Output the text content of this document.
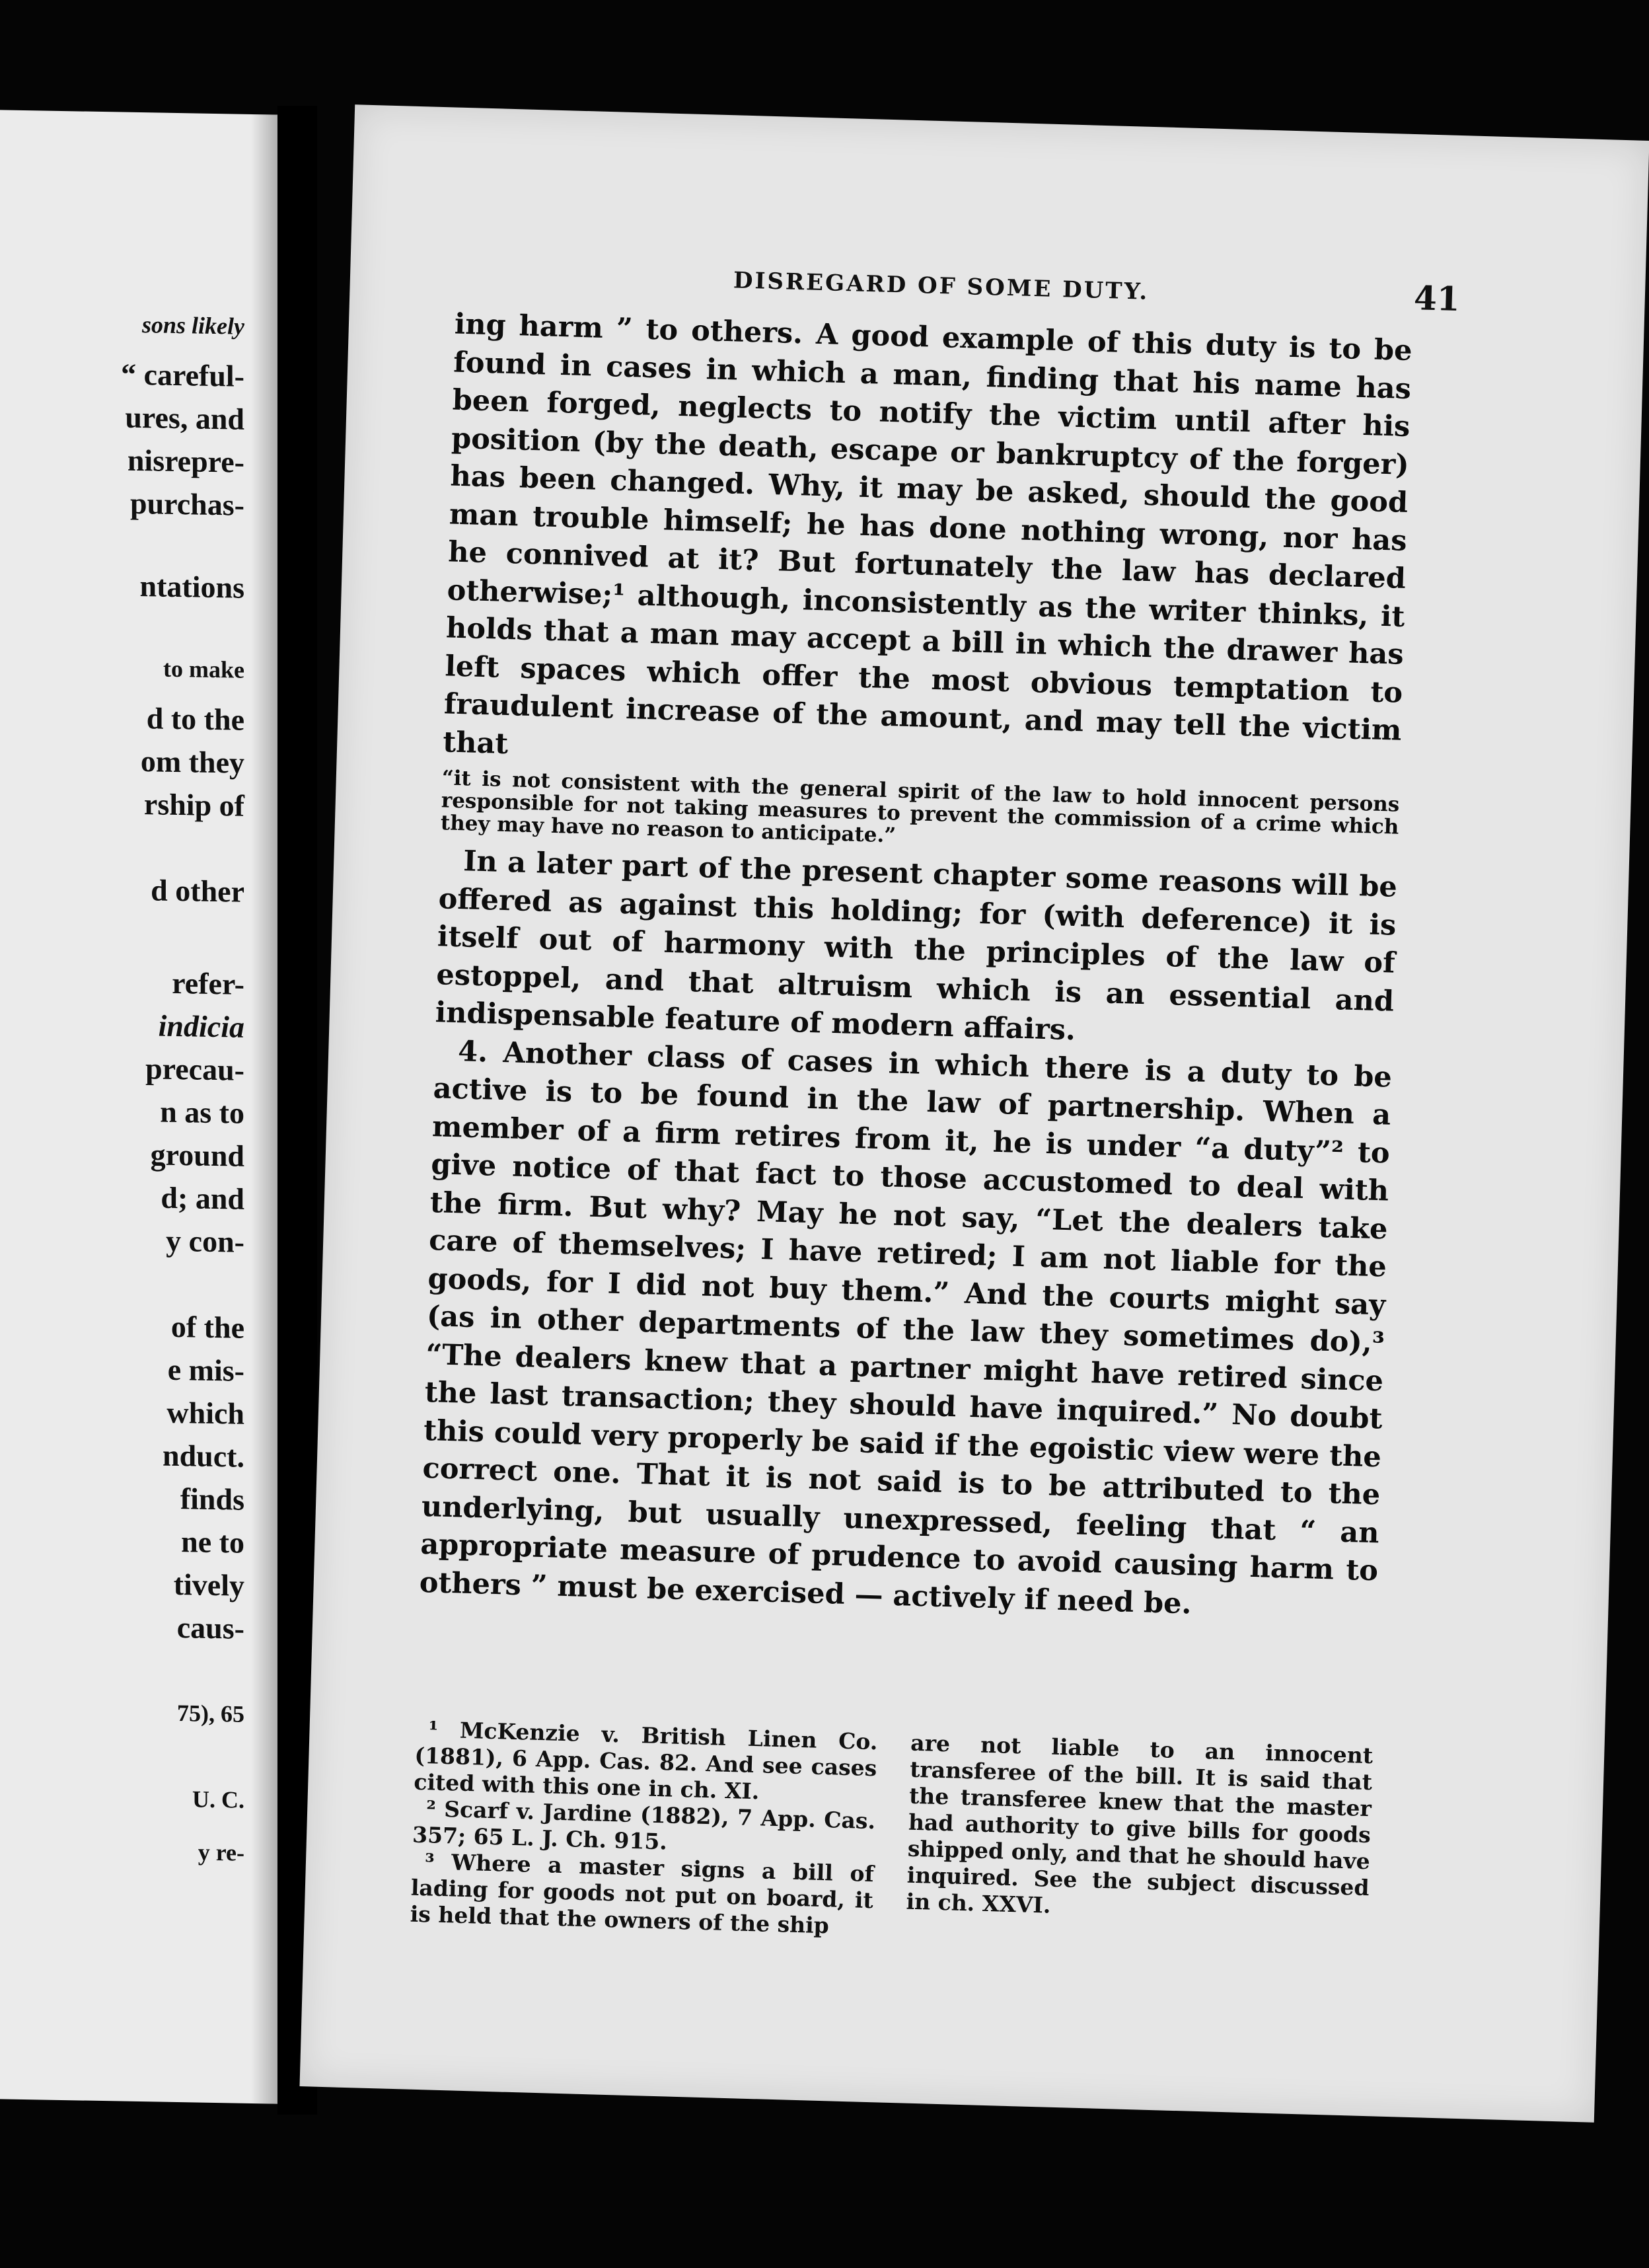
sons likely
“ careful-
ures, and
nisrepre-
purchas-
ntations
to make
d to the
om they
rship of
d other
refer-
indicia
precau-
n as to
ground
d; and
y con-
of the
e mis-
which
nduct.
finds
ne to
tively
caus-
75), 65
U. C.
y re-
DISREGARD OF SOME DUTY.	41

ing harm ” to others. A good example of this duty is to be found in cases in which a man, finding that his name has been forged, neglects to notify the victim until after his position (by the death, escape or bankruptcy of the forger) has been changed. Why, it may be asked, should the good man trouble himself; he has done nothing wrong, nor has he connived at it? But fortunately the law has declared otherwise;¹ although, inconsistently as the writer thinks, it holds that a man may accept a bill in which the drawer has left spaces which offer the most obvious temptation to fraudulent increase of the amount, and may tell the victim that

“it is not consistent with the general spirit of the law to hold innocent persons responsible for not taking measures to prevent the commission of a crime which they may have no reason to anticipate.”

In a later part of the present chapter some reasons will be offered as against this holding; for (with deference) it is itself out of harmony with the principles of the law of estoppel, and that altruism which is an essential and indispensable feature of modern affairs.

4. Another class of cases in which there is a duty to be active is to be found in the law of partnership. When a member of a firm retires from it, he is under “a duty”² to give notice of that fact to those accustomed to deal with the firm. But why? May he not say, “Let the dealers take care of themselves; I have retired; I am not liable for the goods, for I did not buy them.” And the courts might say (as in other departments of the law they sometimes do),³ “The dealers knew that a partner might have retired since the last transaction; they should have inquired.” No doubt this could very properly be said if the egoistic view were the correct one. That it is not said is to be attributed to the underlying, but usually unexpressed, feeling that “ an appropriate measure of prudence to avoid causing harm to others ” must be exercised — actively if need be.

¹ McKenzie v. British Linen Co. (1881), 6 App. Cas. 82. And see cases cited with this one in ch. XI.

² Scarf v. Jardine (1882), 7 App. Cas. 357; 65 L. J. Ch. 915.

³ Where a master signs a bill of lading for goods not put on board, it is held that the owners of the ship

are not liable to an innocent transferee of the bill. It is said that the transferee knew that the master had authority to give bills for goods shipped only, and that he should have inquired. See the subject discussed in ch. XXVI.
